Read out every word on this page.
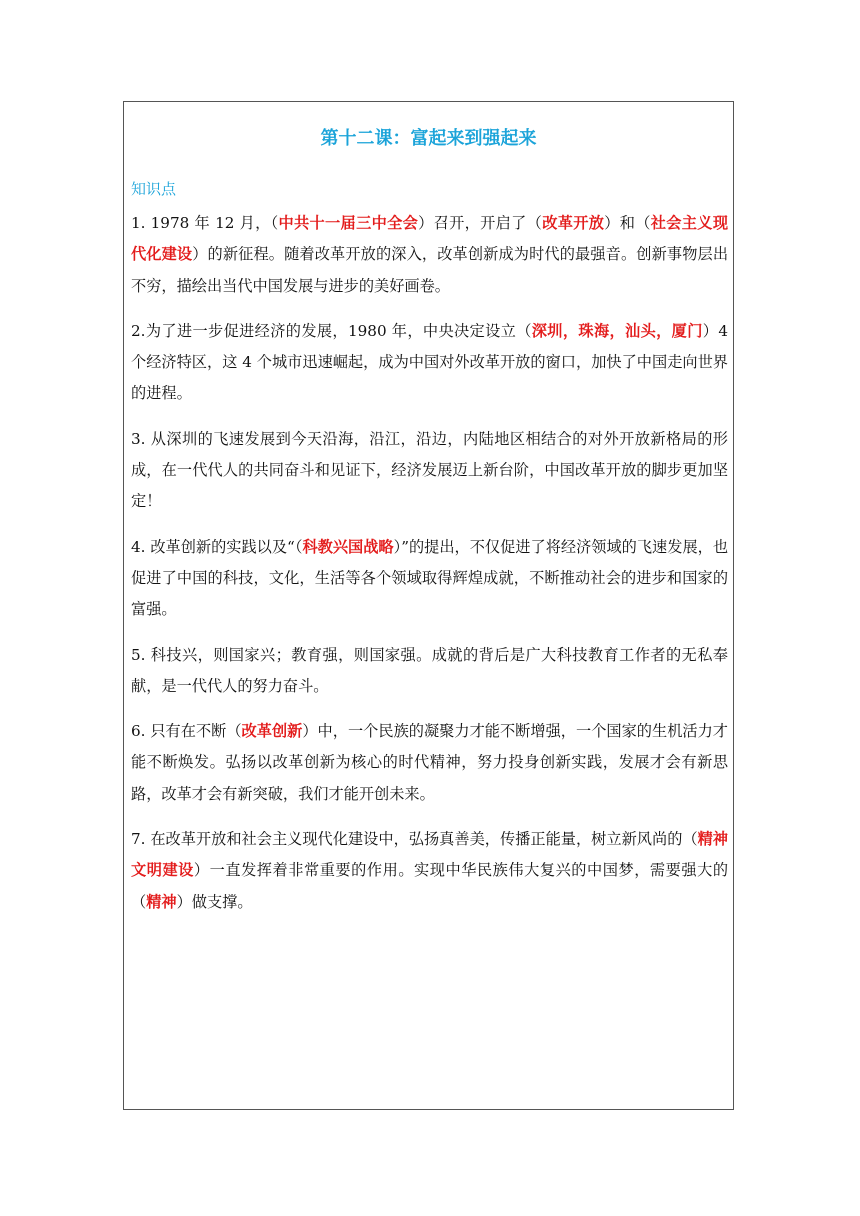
第十二课：富起来到强起来
知识点

1. 1978 年 12 月，（中共十一届三中全会）召开，开启了（改革开放）和（社会主义现代化建设）的新征程。随着改革开放的深入，改革创新成为时代的最强音。创新事物层出不穷，描绘出当代中国发展与进步的美好画卷。

2.为了进一步促进经济的发展，1980 年，中央决定设立（深圳，珠海，汕头，厦门）4 个经济特区，这 4 个城市迅速崛起，成为中国对外改革开放的窗口，加快了中国走向世界的进程。

3. 从深圳的飞速发展到今天沿海，沿江，沿边，内陆地区相结合的对外开放新格局的形成，在一代代人的共同奋斗和见证下，经济发展迈上新台阶，中国改革开放的脚步更加坚定！

4. 改革创新的实践以及“（科教兴国战略）”的提出，不仅促进了将经济领域的飞速发展，也促进了中国的科技，文化，生活等各个领域取得辉煌成就，不断推动社会的进步和国家的富强。

5. 科技兴，则国家兴；教育强，则国家强。成就的背后是广大科技教育工作者的无私奉献，是一代代人的努力奋斗。

6. 只有在不断（改革创新）中，一个民族的凝聚力才能不断增强，一个国家的生机活力才能不断焕发。弘扬以改革创新为核心的时代精神，努力投身创新实践，发展才会有新思路，改革才会有新突破，我们才能开创未来。

7. 在改革开放和社会主义现代化建设中，弘扬真善美，传播正能量，树立新风尚的（精神文明建设）一直发挥着非常重要的作用。实现中华民族伟大复兴的中国梦，需要强大的（精神）做支撑。
